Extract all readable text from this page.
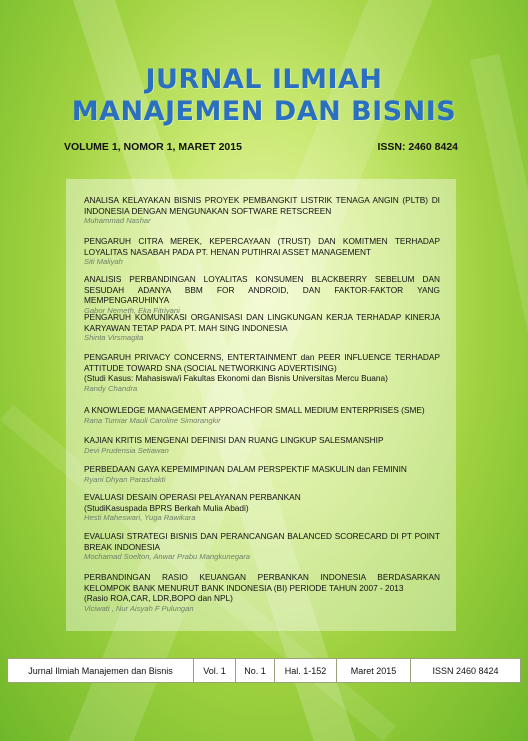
JURNAL ILMIAH
MANAJEMEN DAN BISNIS
VOLUME 1, NOMOR 1, MARET 2015	ISSN: 2460 8424
ANALISA KELAYAKAN BISNIS PROYEK PEMBANGKIT LISTRIK TENAGA ANGIN (PLTB) DI INDONESIA DENGAN MENGUNAKAN SOFTWARE RETSCREEN
Muhammad Nashar
PENGARUH CITRA MEREK, KEPERCAYAAN (TRUST) DAN KOMITMEN TERHADAP LOYALITAS NASABAH PADA PT. HENAN PUTIHRAI ASSET MANAGEMENT
Siti Maliyah
ANALISIS PERBANDINGAN LOYALITAS KONSUMEN BLACKBERRY SEBELUM DAN SESUDAH ADANYA BBM FOR ANDROID, DAN FAKTOR-FAKTOR YANG MEMPENGARUHINYA
Gabor Nemeth, Eka Fitriyani
PENGARUH KOMUNIKASI ORGANISASI DAN LINGKUNGAN KERJA TERHADAP KINERJA KARYAWAN TETAP PADA PT. MAH SING INDONESIA
Shinta Virsmagita
PENGARUH PRIVACY CONCERNS, ENTERTAINMENT dan PEER INFLUENCE TERHADAP ATTITUDE TOWARD SNA (SOCIAL NETWORKING ADVERTISING)
(Studi Kasus: Mahasiswa/i Fakultas Ekonomi dan Bisnis Universitas Mercu Buana)
Randy Chandra
A KNOWLEDGE MANAGEMENT APPROACHFOR SMALL MEDIUM ENTERPRISES (SME)
Rana Tumiar Mauli Caroline Simorangkir
KAJIAN KRITIS MENGENAI DEFINISI DAN RUANG LINGKUP SALESMANSHIP
Devi Prudensia Setiawan
PERBEDAAN GAYA KEPEMIMPINAN DALAM PERSPEKTIF MASKULIN dan FEMININ
Ryani Dhyan Parashakti
EVALUASI DESAIN OPERASI PELAYANAN PERBANKAN
(StudiKasuspada BPRS Berkah Mulia Abadi)
Hesti Maheswari, Yuga Rawikara
EVALUASI STRATEGI BISNIS DAN PERANCANGAN BALANCED SCORECARD DI PT POINT BREAK INDONESIA
Mochamad Soelton, Anwar Prabu Mangkunegara
PERBANDINGAN RASIO KEUANGAN PERBANKAN INDONESIA BERDASARKAN KELOMPOK BANK MENURUT BANK INDONESIA (BI) PERIODE TAHUN 2007 - 2013
(Rasio ROA,CAR, LDR,BOPO dan NPL)
Viciwati , Nur Aisyah F Pulungan
Jurnal Ilmiah Manajemen dan Bisnis	Vol. 1	No. 1	Hal. 1-152	Maret 2015	ISSN 2460 8424
